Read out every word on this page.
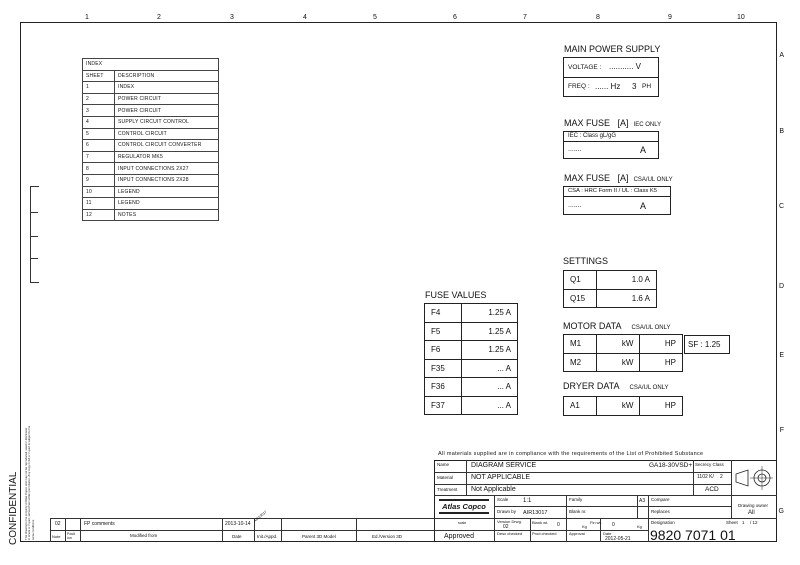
1	2	3	4	5	6	7	8	9	10
A
B
C
D
E
F
G
INDEX	
SHEET	DESCRIPTION
1	INDEX
2	POWER CIRCUIT
3	POWER CIRCUIT
4	SUPPLY CIRCUIT CONTROL
5	CONTROL CIRCUIT
6	CONTROL CIRCUIT CONVERTER
7	REGULATOR MK5
8	INPUT CONNECTIONS 2X27
9	INPUT CONNECTIONS 2X28
10	LEGEND
11	LEGEND
12	NOTES
MAIN POWER SUPPLY
VOLTAGE : ........... V
FREQ : ...... Hz 3 PH
MAX FUSE [A] IEC ONLY
IEC : Class gL/gG
.......	A
MAX FUSE [A] CSA/UL ONLY
CSA : HRC Form II / UL : Class K5
.......	A
SETTINGS
Q1	1.0 A
Q15	1.6 A
FUSE VALUES
F4	1.25 A
F5	1.25 A
F6	1.25 A
F35	... A
F36	... A
F37	... A
MOTOR DATA CSA/UL ONLY
M1	kW	HP
M2	kW	HP
SF : 1.25
DRYER DATA CSA/UL ONLY
A1	kW	HP
All materials supplied are in compliance with the requirements of the List of Prohibited Substance
Name	DIAGRAM SERVICE	GA18-30VSD+ Secrecy Class
Material	NOT APPLICABLE	1102 K/ 2
Treatment Not Applicable	ACD
Atlas Copco
scale
Scale 1:1	Family	A3 Compare
Drawing owner
All
Drawn by AIR13017	Blank nr.	Replaces
Version Drwg.
02
Blank wt. 0	Kg
Fin wt. 0	Kg
Designation	Sheet 1 / 12
Approved	Desc checked Prod checked	Approval	Date
2012-05-21 9820 7071 01
02	FP comments	2013-10-14
AIR13017
Note Posit ion	Modified from	Date	Init./Appd.	Parent 3D Model	Ed./Version 3D
CONFIDENTIAL This drawing is the property of Atlas Copco and may not be reproduced, used or disclosed, in whole or in part, without their written permission. Any copy in full or in part is subject to the same conditions.
